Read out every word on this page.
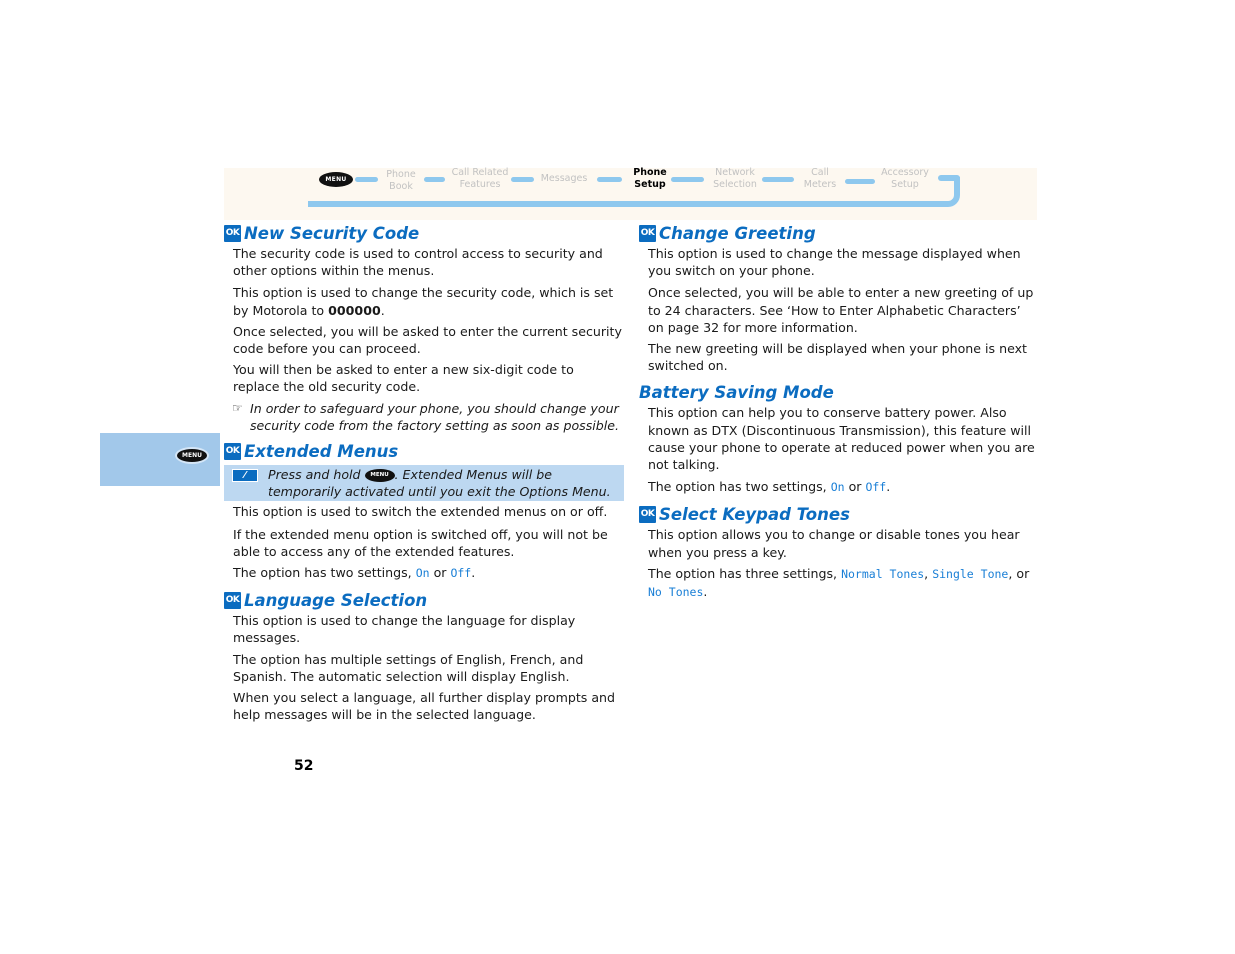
MENU	Phone
Book
Call Related
Features	Messages
Phone
Setup
Network
Selection
Call
Meters
Accessory
Setup
MENU
OK New Security Code

The security code is used to control access to security and other options within the menus.

This option is used to change the security code, which is set by Motorola to 000000.

Once selected, you will be asked to enter the current security code before you can proceed.

You will then be asked to enter a new six-digit code to replace the old security code.

☞ In order to safeguard your phone, you should change your security code from the factory setting as soon as possible.
OK Extended Menus
⁄	Press and hold MENU . Extended Menus will be temporarily activated until you exit the Options Menu.

This option is used to switch the extended menus on or off.

If the extended menu option is switched off, you will not be able to access any of the extended features.

The option has two settings, On or Off.

OK Language Selection

This option is used to change the language for display messages.

The option has multiple settings of English, French, and Spanish. The automatic selection will display English.

When you select a language, all further display prompts and help messages will be in the selected language.

OK Change Greeting

This option is used to change the message displayed when you switch on your phone.

Once selected, you will be able to enter a new greeting of up to 24 characters. See ‘How to Enter Alphabetic Characters’ on page 32 for more information.

The new greeting will be displayed when your phone is next switched on.

Battery Saving Mode

This option can help you to conserve battery power. Also known as DTX (Discontinuous Transmission), this feature will cause your phone to operate at reduced power when you are not talking.

The option has two settings, On or Off.

OK Select Keypad Tones

This option allows you to change or disable tones you hear when you press a key.

The option has three settings, Normal Tones, Single Tone, or No Tones.

52
